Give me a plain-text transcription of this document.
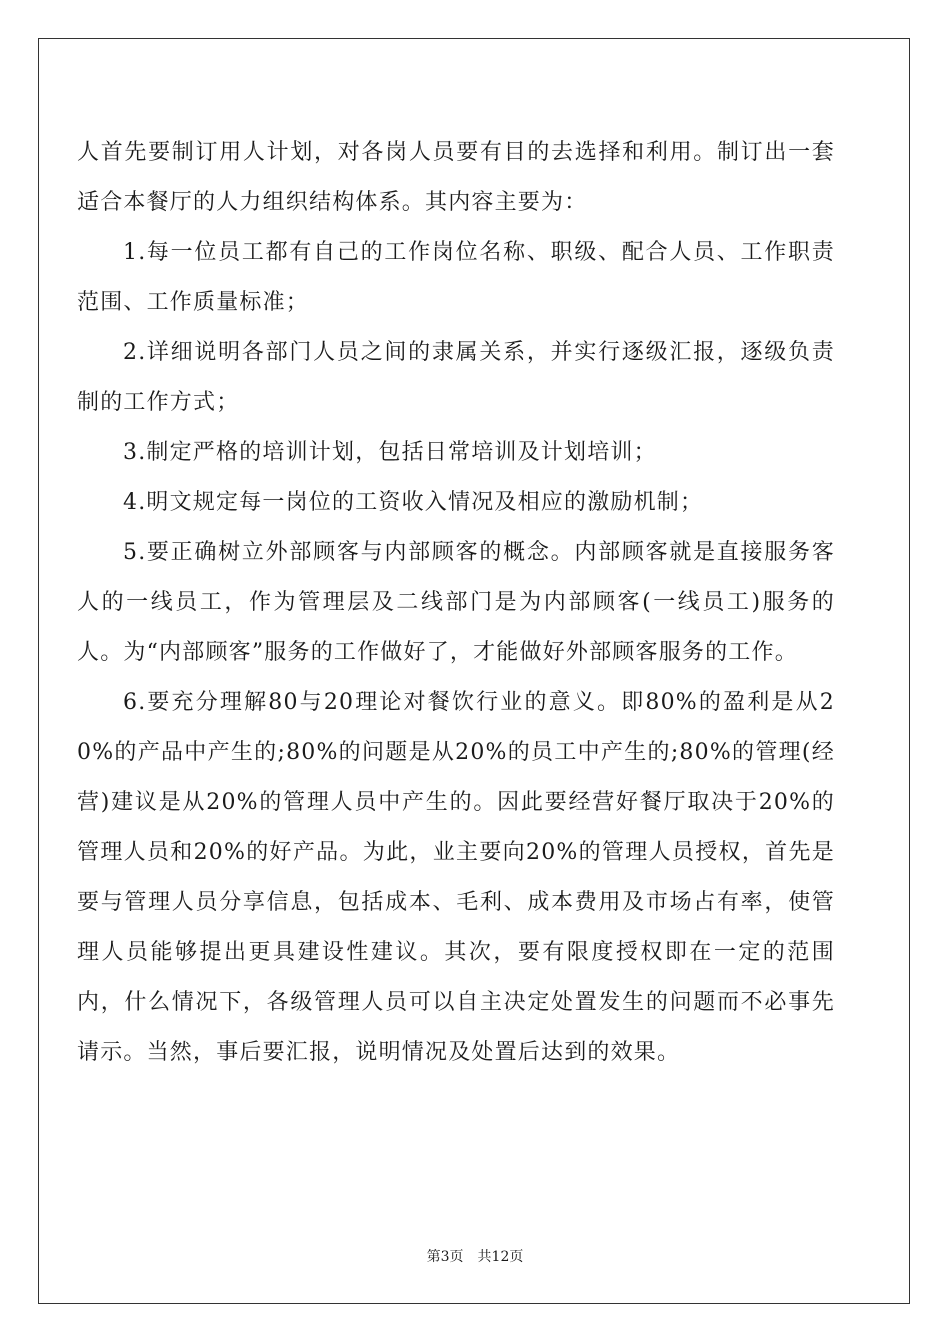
人首先要制订用人计划，对各岗人员要有目的去选择和利用。制订出一套适合本餐厅的人力组织结构体系。其内容主要为：

1.每一位员工都有自己的工作岗位名称、职级、配合人员、工作职责范围、工作质量标准；

2.详细说明各部门人员之间的隶属关系，并实行逐级汇报，逐级负责制的工作方式；

3.制定严格的培训计划，包括日常培训及计划培训；

4.明文规定每一岗位的工资收入情况及相应的激励机制；

5.要正确树立外部顾客与内部顾客的概念。内部顾客就是直接服务客人的一线员工，作为管理层及二线部门是为内部顾客(一线员工)服务的人。为“内部顾客”服务的工作做好了，才能做好外部顾客服务的工作。

6.要充分理解80与20理论对餐饮行业的意义。即80%的盈利是从20%的产品中产生的;80%的问题是从20%的员工中产生的;80%的管理(经营)建议是从20%的管理人员中产生的。因此要经营好餐厅取决于20%的管理人员和20%的好产品。为此，业主要向20%的管理人员授权，首先是要与管理人员分享信息，包括成本、毛利、成本费用及市场占有率，使管理人员能够提出更具建设性建议。其次，要有限度授权即在一定的范围内，什么情况下，各级管理人员可以自主决定处置发生的问题而不必事先请示。当然，事后要汇报，说明情况及处置后达到的效果。

第3页 共12页
